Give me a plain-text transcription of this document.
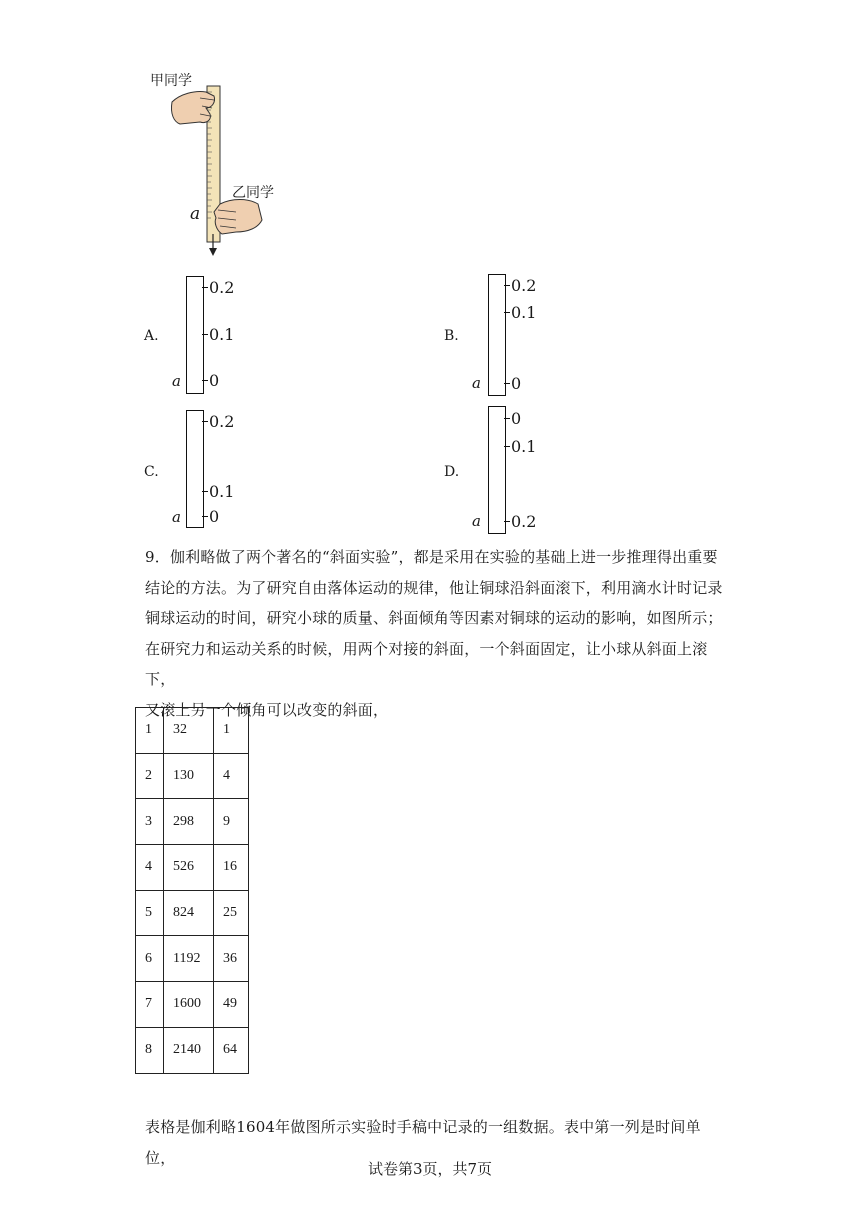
甲同学
乙同学
a
A.
0.2
0.1
0
a
B.
0.2
0.1
0
a
C.
0.2
0.1
0
a
D.
0
0.1
0.2
a
9．伽利略做了两个著名的“斜面实验”，都是采用在实验的基础上进一步推理得出重要
结论的方法。为了研究自由落体运动的规律，他让铜球沿斜面滚下，利用滴水计时记录
铜球运动的时间，研究小球的质量、斜面倾角等因素对铜球的运动的影响，如图所示；
在研究力和运动关系的时候，用两个对接的斜面，一个斜面固定，让小球从斜面上滚下，
又滚上另一个倾角可以改变的斜面，
1	32	1
2	130	4
3	298	9
4	526	16
5	824	25
6	1192	36
7	1600	49
8	2140	64
表格是伽利略1604年做图所示实验时手稿中记录的一组数据。表中第一列是时间单位，
试卷第3页，共7页
